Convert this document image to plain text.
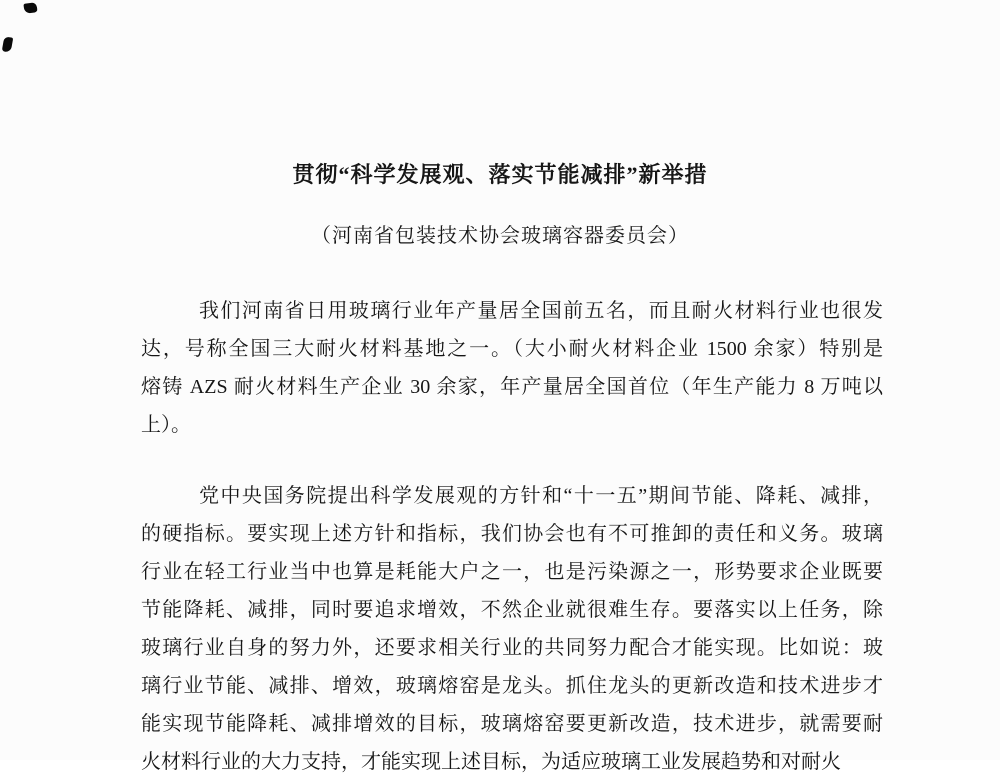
贯彻“科学发展观、落实节能减排”新举措
（河南省包装技术协会玻璃容器委员会）
我们河南省日用玻璃行业年产量居全国前五名，而且耐火材料行业也很发
达，号称全国三大耐火材料基地之一。（大小耐火材料企业 1500 余家）特别是
熔铸 AZS 耐火材料生产企业 30 余家，年产量居全国首位（年生产能力 8 万吨以
上）。
党中央国务院提出科学发展观的方针和“十一五”期间节能、降耗、减排，
的硬指标。要实现上述方针和指标，我们协会也有不可推卸的责任和义务。玻璃
行业在轻工行业当中也算是耗能大户之一，也是污染源之一，形势要求企业既要
节能降耗、减排，同时要追求增效，不然企业就很难生存。要落实以上任务，除
玻璃行业自身的努力外，还要求相关行业的共同努力配合才能实现。比如说：玻
璃行业节能、减排、增效，玻璃熔窑是龙头。抓住龙头的更新改造和技术进步才
能实现节能降耗、减排增效的目标，玻璃熔窑要更新改造，技术进步，就需要耐
火材料行业的大力支持，才能实现上述目标，为适应玻璃工业发展趋势和对耐火
